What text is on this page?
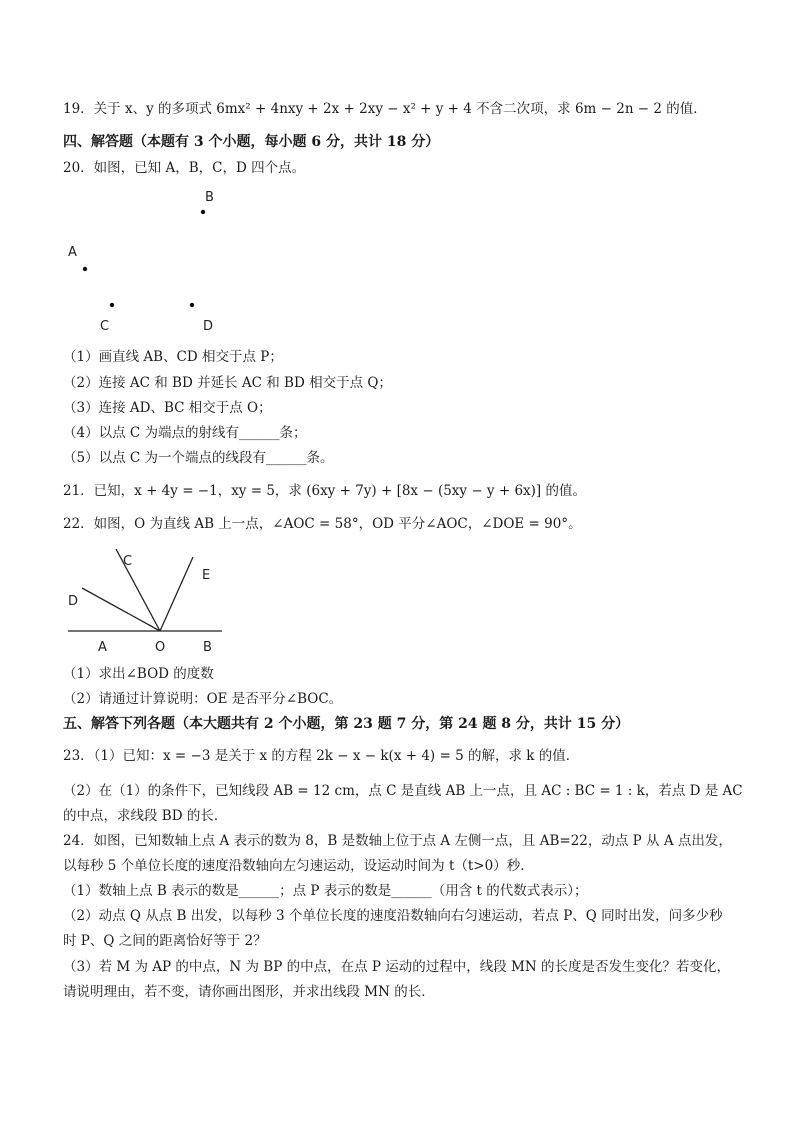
19．关于 x、y 的多项式 6mx² + 4nxy + 2x + 2xy − x² + y + 4 不含二次项，求 6m − 2n − 2 的值．
四、解答题（本题有 3 个小题，每小题 6 分，共计 18 分）
20．如图，已知 A，B，C，D 四个点。
B
A
C	D
（1）画直线 AB、CD 相交于点 P；
（2）连接 AC 和 BD 并延长 AC 和 BD 相交于点 Q；
（3）连接 AD、BC 相交于点 O；
（4）以点 C 为端点的射线有______条；
（5）以点 C 为一个端点的线段有______条。
21．已知，x + 4y = −1，xy = 5，求 (6xy + 7y) + [8x − (5xy − y + 6x)] 的值。
22．如图，O 为直线 AB 上一点，∠AOC = 58°，OD 平分∠AOC，∠DOE = 90°。
C
D
E
A	O	B
（1）求出∠BOD 的度数
（2）请通过计算说明：OE 是否平分∠BOC。
五、解答下列各题（本大题共有 2 个小题，第 23 题 7 分，第 24 题 8 分，共计 15 分）
23．（1）已知：x = −3 是关于 x 的方程 2k − x − k(x + 4) = 5 的解，求 k 的值．
（2）在（1）的条件下，已知线段 AB = 12 cm，点 C 是直线 AB 上一点，且 AC : BC = 1 : k，若点 D 是 AC
的中点，求线段 BD 的长．
24．如图，已知数轴上点 A 表示的数为 8，B 是数轴上位于点 A 左侧一点，且 AB=22，动点 P 从 A 点出发，
以每秒 5 个单位长度的速度沿数轴向左匀速运动，设运动时间为 t（t>0）秒．
（1）数轴上点 B 表示的数是______；点 P 表示的数是______（用含 t 的代数式表示）；
（2）动点 Q 从点 B 出发，以每秒 3 个单位长度的速度沿数轴向右匀速运动，若点 P、Q 同时出发，问多少秒
时 P、Q 之间的距离恰好等于 2？
（3）若 M 为 AP 的中点，N 为 BP 的中点，在点 P 运动的过程中，线段 MN 的长度是否发生变化？若变化，
请说明理由，若不变，请你画出图形，并求出线段 MN 的长．
